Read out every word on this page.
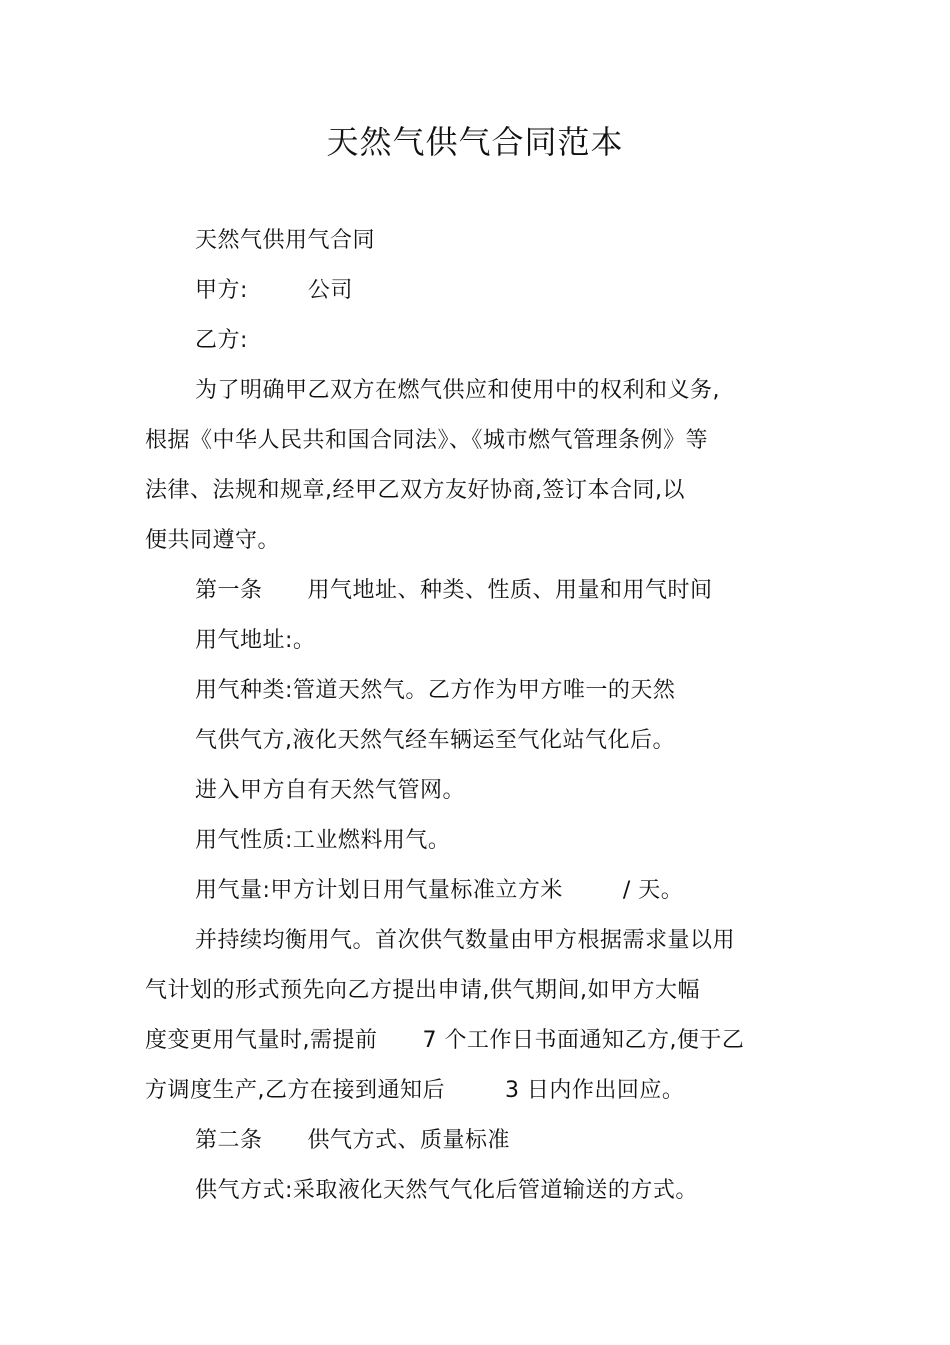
天然气供气合同范本
天然气供用气合同
甲方:        公司
乙方:
为了明确甲乙双方在燃气供应和使用中的权利和义务,
根据《中华人民共和国合同法》、《城市燃气管理条例》等
法律、法规和规章,经甲乙双方友好协商,签订本合同,以
便共同遵守。
第一条      用气地址、种类、性质、用量和用气时间
用气地址:。
用气种类:管道天然气。乙方作为甲方唯一的天然
气供气方,液化天然气经车辆运至气化站气化后。
进入甲方自有天然气管网。
用气性质:工业燃料用气。
用气量:甲方计划日用气量标准立方米        / 天。
并持续均衡用气。首次供气数量由甲方根据需求量以用
气计划的形式预先向乙方提出申请,供气期间,如甲方大幅
度变更用气量时,需提前      7 个工作日书面通知乙方,便于乙
方调度生产,乙方在接到通知后        3 日内作出回应。
第二条      供气方式、质量标准
供气方式:采取液化天然气气化后管道输送的方式。
